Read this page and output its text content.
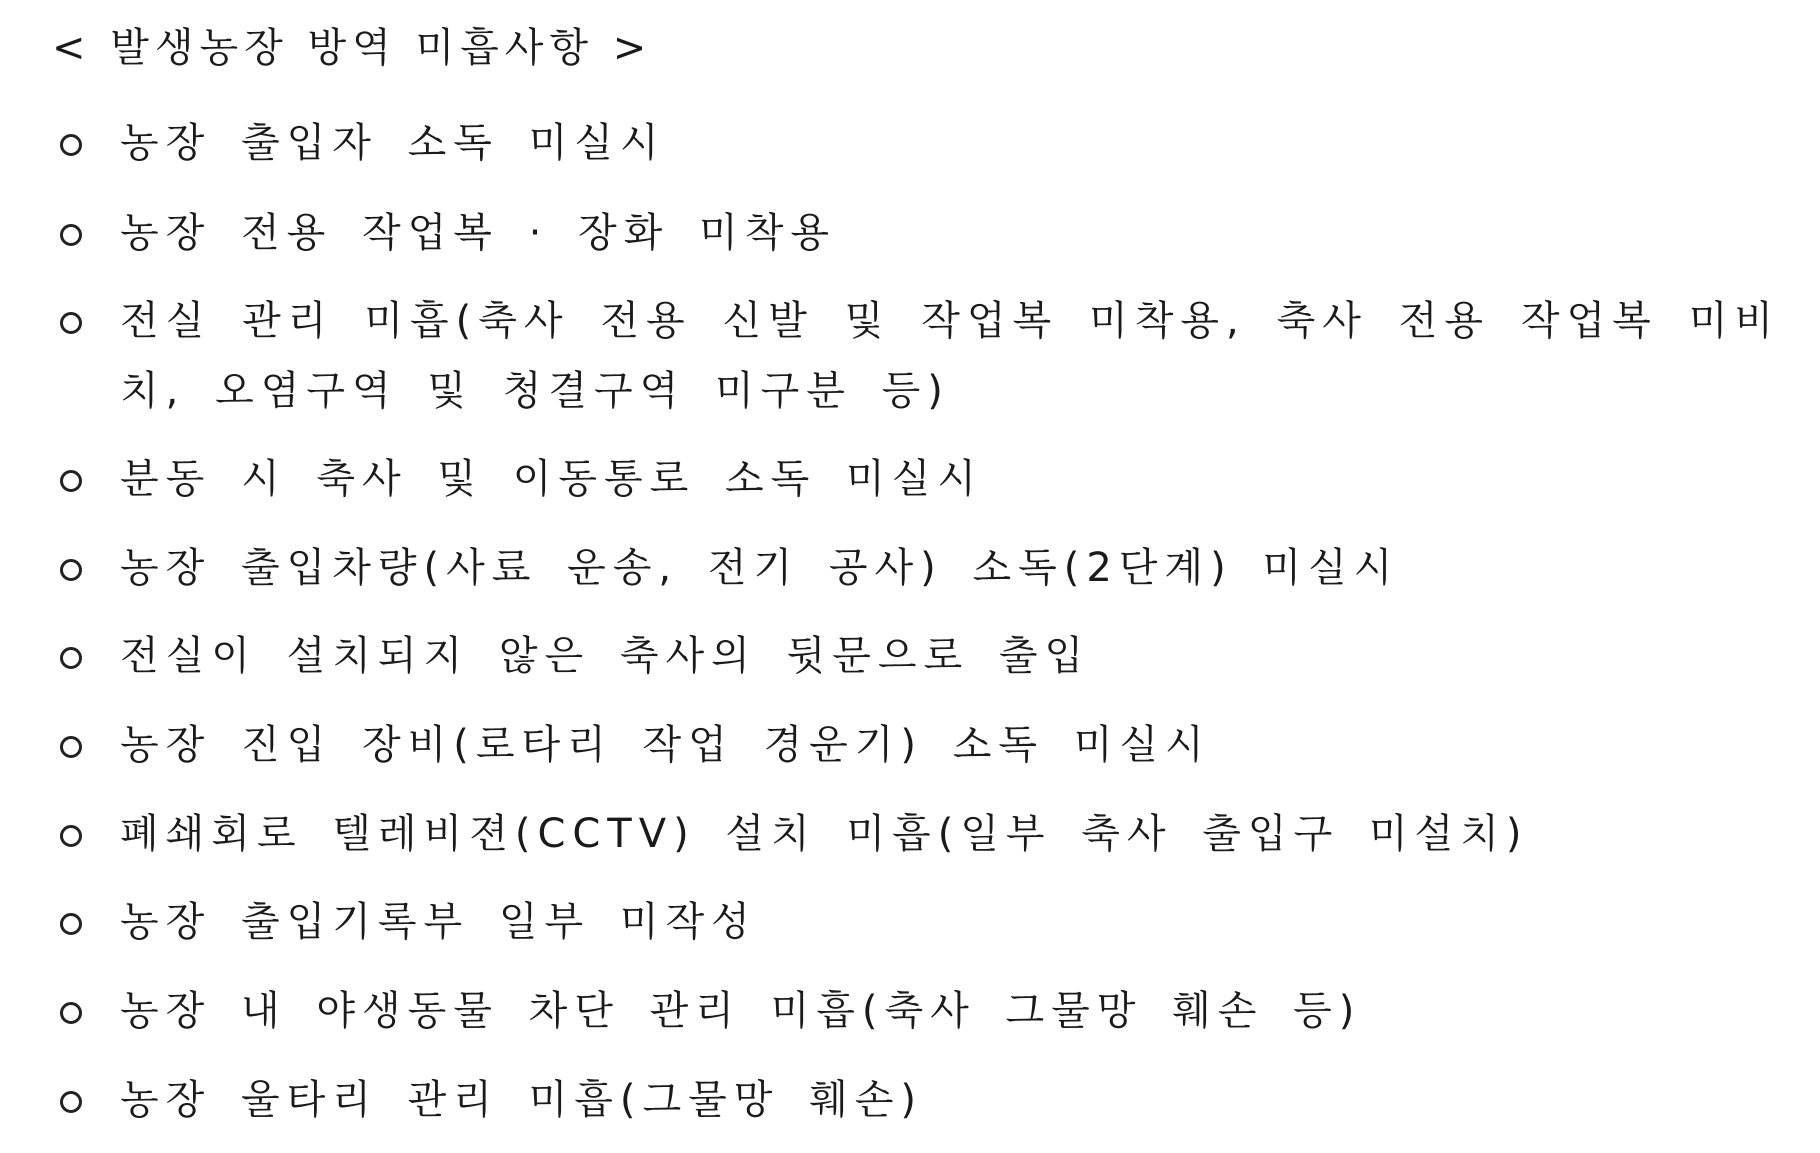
< 발생농장 방역 미흡사항 >
농장 출입자 소독 미실시
농장 전용 작업복 · 장화 미착용
전실 관리 미흡(축사 전용 신발 및 작업복 미착용, 축사 전용 작업복 미비치, 오염구역 및 청결구역 미구분 등)
분동 시 축사 및 이동통로 소독 미실시
농장 출입차량(사료 운송, 전기 공사) 소독(2단계) 미실시
전실이 설치되지 않은 축사의 뒷문으로 출입
농장 진입 장비(로타리 작업 경운기) 소독 미실시
폐쇄회로 텔레비젼(CCTV) 설치 미흡(일부 축사 출입구 미설치)
농장 출입기록부 일부 미작성
농장 내 야생동물 차단 관리 미흡(축사 그물망 훼손 등)
농장 울타리 관리 미흡(그물망 훼손)
